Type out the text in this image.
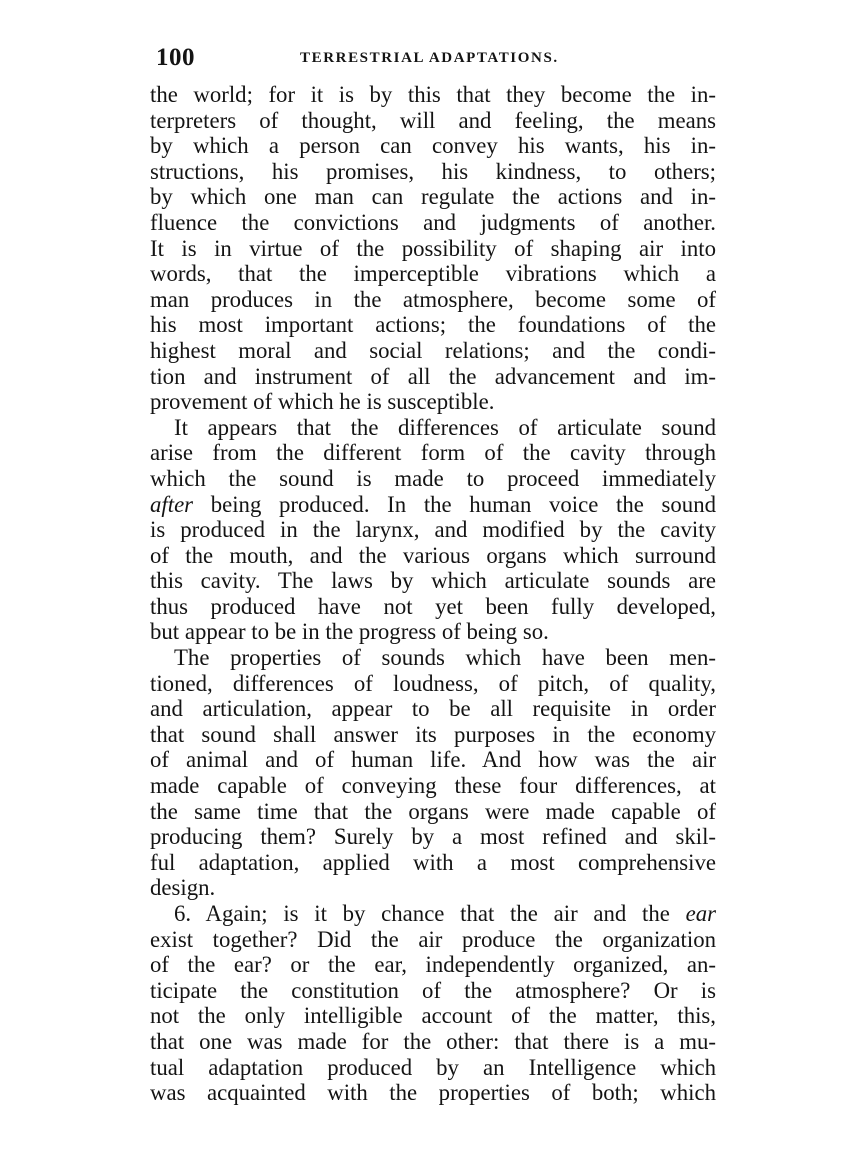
100	TERRESTRIAL ADAPTATIONS.
the world; for it is by this that they become the in-
terpreters of thought, will and feeling, the means
by which a person can convey his wants, his in-
structions, his promises, his kindness, to others;
by which one man can regulate the actions and in-
fluence the convictions and judgments of another.
It is in virtue of the possibility of shaping air into
words, that the imperceptible vibrations which a
man produces in the atmosphere, become some of
his most important actions; the foundations of the
highest moral and social relations; and the condi-
tion and instrument of all the advancement and im-
provement of which he is susceptible.
It appears that the differences of articulate sound
arise from the different form of the cavity through
which the sound is made to proceed immediately
after being produced. In the human voice the sound
is produced in the larynx, and modified by the cavity
of the mouth, and the various organs which surround
this cavity. The laws by which articulate sounds are
thus produced have not yet been fully developed,
but appear to be in the progress of being so.
The properties of sounds which have been men-
tioned, differences of loudness, of pitch, of quality,
and articulation, appear to be all requisite in order
that sound shall answer its purposes in the economy
of animal and of human life. And how was the air
made capable of conveying these four differences, at
the same time that the organs were made capable of
producing them? Surely by a most refined and skil-
ful adaptation, applied with a most comprehensive
design.
6. Again; is it by chance that the air and the ear
exist together? Did the air produce the organization
of the ear? or the ear, independently organized, an-
ticipate the constitution of the atmosphere? Or is
not the only intelligible account of the matter, this,
that one was made for the other: that there is a mu-
tual adaptation produced by an Intelligence which
was acquainted with the properties of both; which
